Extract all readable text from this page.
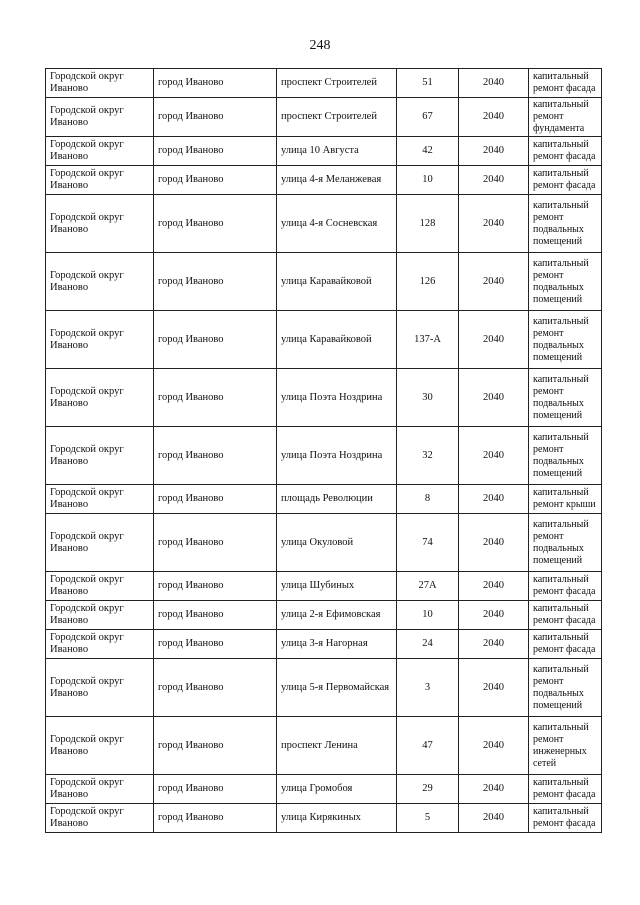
248
Городской округ Иваново	город Иваново	проспект Строителей	51	2040	капитальный ремонт фасада
Городской округ Иваново	город Иваново	проспект Строителей	67	2040	капитальный ремонт фундамента
Городской округ Иваново	город Иваново	улица 10 Августа	42	2040	капитальный ремонт фасада
Городской округ Иваново	город Иваново	улица 4-я Меланжевая	10	2040	капитальный ремонт фасада
Городской округ Иваново	город Иваново	улица 4-я Сосневская	128	2040	капитальный ремонт подвальных помещений
Городской округ Иваново	город Иваново	улица Каравайковой	126	2040	капитальный ремонт подвальных помещений
Городской округ Иваново	город Иваново	улица Каравайковой	137-А	2040	капитальный ремонт подвальных помещений
Городской округ Иваново	город Иваново	улица Поэта Ноздрина	30	2040	капитальный ремонт подвальных помещений
Городской округ Иваново	город Иваново	улица Поэта Ноздрина	32	2040	капитальный ремонт подвальных помещений
Городской округ Иваново	город Иваново	площадь Революции	8	2040	капитальный ремонт крыши
Городской округ Иваново	город Иваново	улица Окуловой	74	2040	капитальный ремонт подвальных помещений
Городской округ Иваново	город Иваново	улица Шубиных	27А	2040	капитальный ремонт фасада
Городской округ Иваново	город Иваново	улица 2-я Ефимовская	10	2040	капитальный ремонт фасада
Городской округ Иваново	город Иваново	улица 3-я Нагорная	24	2040	капитальный ремонт фасада
Городской округ Иваново	город Иваново	улица 5-я Первомайская	3	2040	капитальный ремонт подвальных помещений
Городской округ Иваново	город Иваново	проспект Ленина	47	2040	капитальный ремонт инженерных сетей
Городской округ Иваново	город Иваново	улица Громобоя	29	2040	капитальный ремонт фасада
Городской округ Иваново	город Иваново	улица Кирякиных	5	2040	капитальный ремонт фасада
